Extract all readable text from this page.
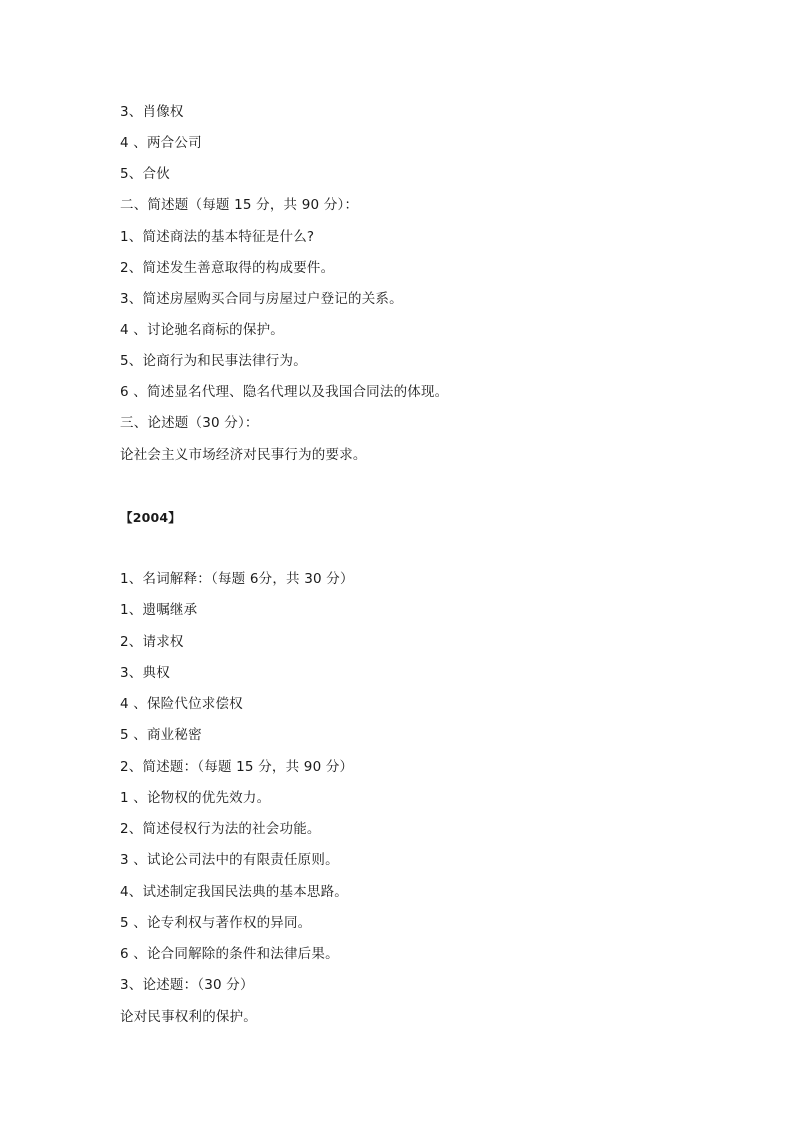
3、肖像权
4 、两合公司
5、合伙
二、简述题（每题 15 分，共 90 分）：
1、简述商法的基本特征是什么?
2、简述发生善意取得的构成要件。
3、简述房屋购买合同与房屋过户登记的关系。
4 、讨论驰名商标的保护。
5、论商行为和民事法律行为。
6 、简述显名代理、隐名代理以及我国合同法的体现。
三、论述题（30 分）：
论社会主义市场经济对民事行为的要求。
【2004】
1、名词解释：（每题 6分，共 30 分）
1、遗嘱继承
2、请求权
3、典权
4 、保险代位求偿权
5 、商业秘密
2、简述题：（每题 15 分，共 90 分）
1 、论物权的优先效力。
2、简述侵权行为法的社会功能。
3 、试论公司法中的有限责任原则。
4、试述制定我国民法典的基本思路。
5 、论专利权与著作权的异同。
6 、论合同解除的条件和法律后果。
3、论述题：（30 分）
论对民事权利的保护。
